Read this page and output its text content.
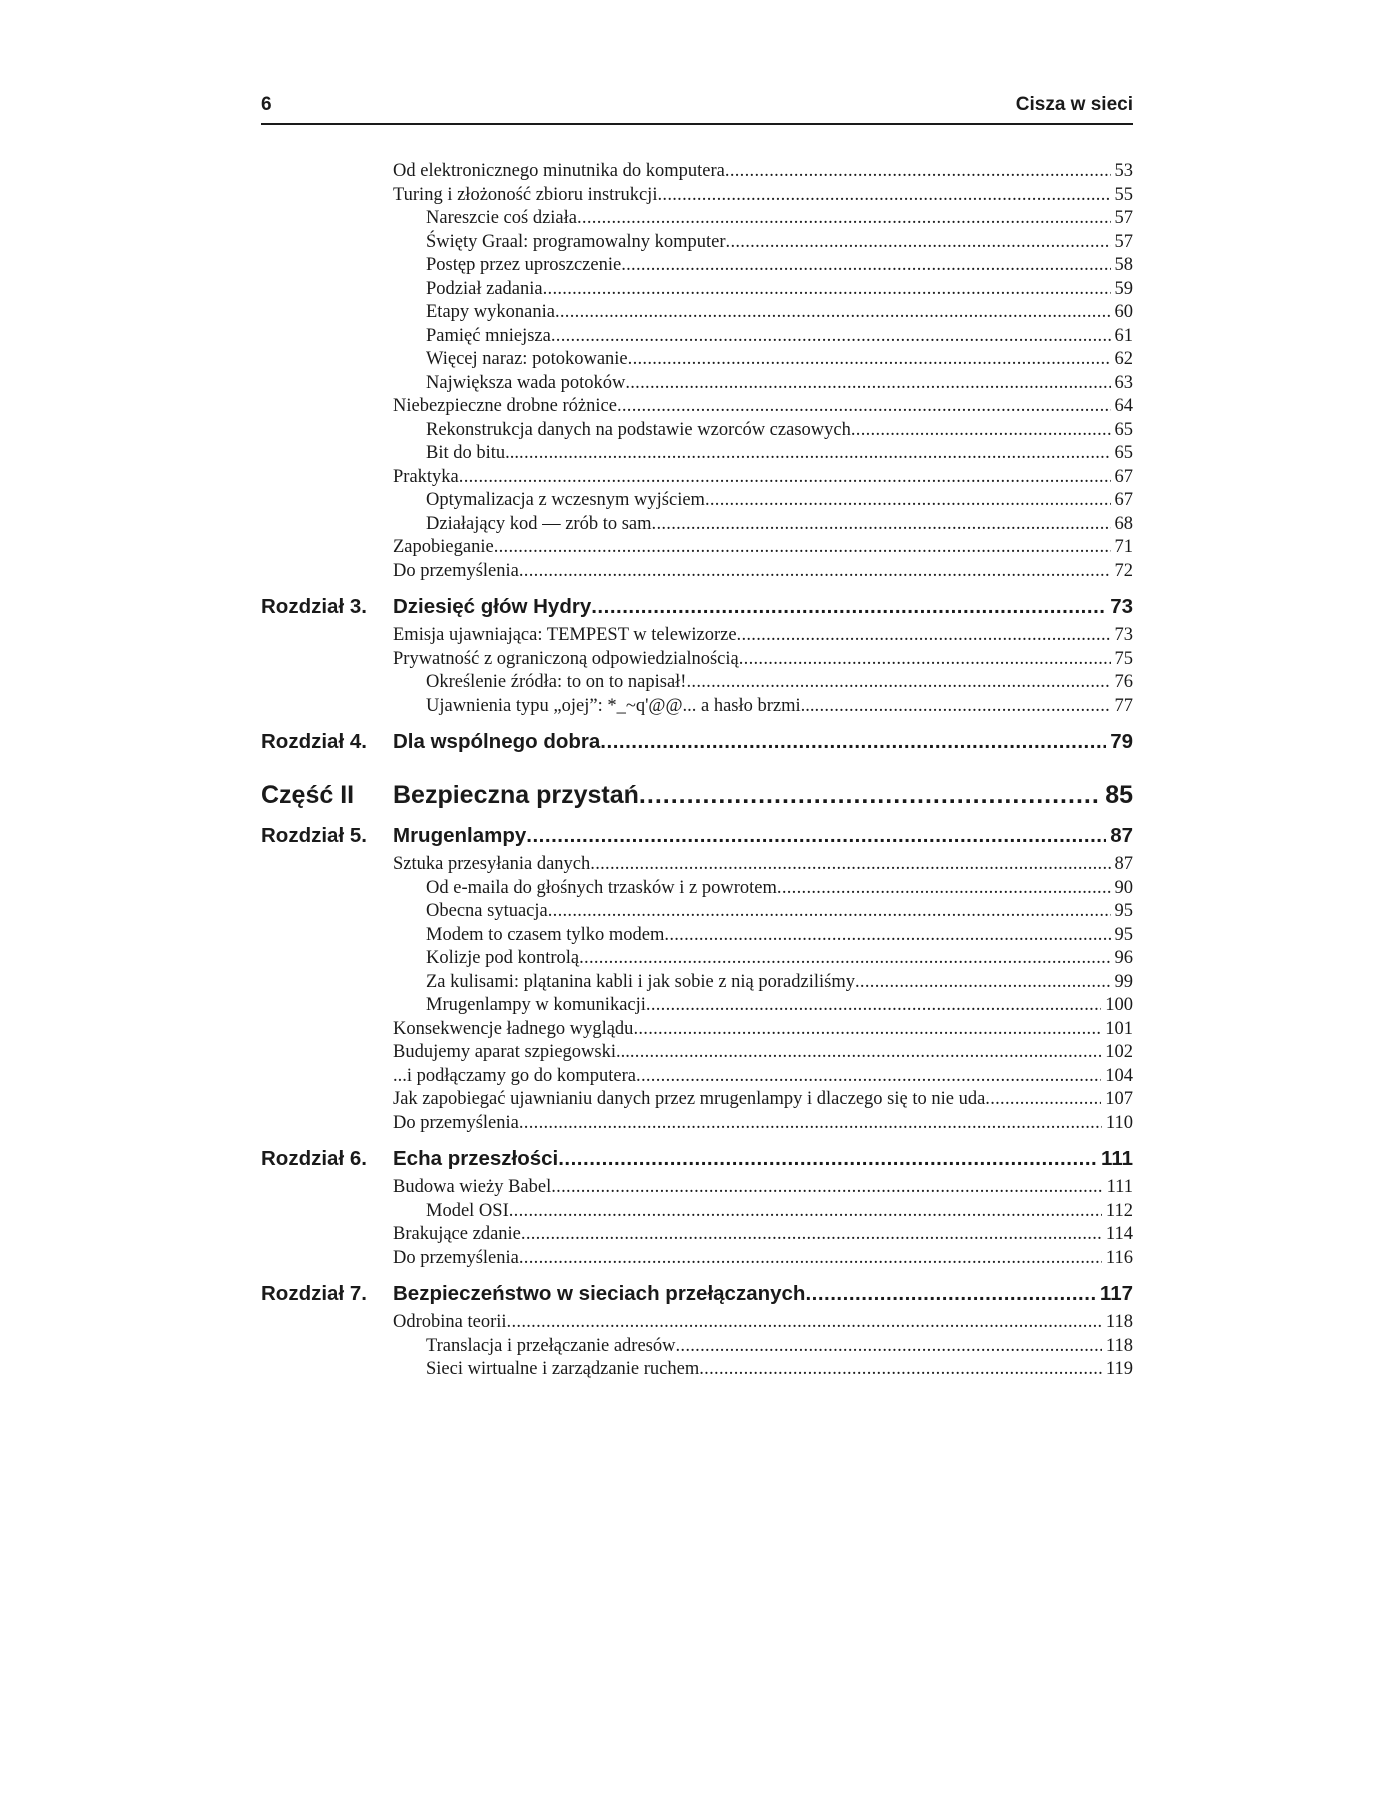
6	Cisza w sieci
Od elektronicznego minutnika do komputera .....	53
Turing i złożoność zbioru instrukcji .....	55
Nareszcie coś działa .....	57
Święty Graal: programowalny komputer .....	57
Postęp przez uproszczenie .....	58
Podział zadania .....	59
Etapy wykonania .....	60
Pamięć mniejsza .....	61
Więcej naraz: potokowanie .....	62
Największa wada potoków .....	63
Niebezpieczne drobne różnice .....	64
Rekonstrukcja danych na podstawie wzorców czasowych .....	65
Bit do bitu... .....	65
Praktyka .....	67
Optymalizacja z wczesnym wyjściem .....	67
Działający kod — zrób to sam .....	68
Zapobieganie .....	71
Do przemyślenia .....	72
Rozdział 3.	Dziesięć głów Hydry .....	73
Emisja ujawniająca: TEMPEST w telewizorze .....	73
Prywatność z ograniczoną odpowiedzialnością .....	75
Określenie źródła: to on to napisał! .....	76
Ujawnienia typu „ojej”: *_~q'@@... a hasło brzmi... .....	77
Rozdział 4.	Dla wspólnego dobra .....	79
Część II	Bezpieczna przystań .....	85
Rozdział 5.	Mrugenlampy .....	87
Sztuka przesyłania danych .....	87
Od e-maila do głośnych trzasków i z powrotem .....	90
Obecna sytuacja .....	95
Modem to czasem tylko modem .....	95
Kolizje pod kontrolą .....	96
Za kulisami: plątanina kabli i jak sobie z nią poradziliśmy .....	99
Mrugenlampy w komunikacji .....	100
Konsekwencje ładnego wyglądu .....	101
Budujemy aparat szpiegowski... .....	102
...i podłączamy go do komputera .....	104
Jak zapobiegać ujawnianiu danych przez mrugenlampy i dlaczego się to nie uda .....	107
Do przemyślenia .....	110
Rozdział 6.	Echa przeszłości .....	111
Budowa wieży Babel .....	111
Model OSI .....	112
Brakujące zdanie .....	114
Do przemyślenia .....	116
Rozdział 7.	Bezpieczeństwo w sieciach przełączanych .....	117
Odrobina teorii .....	118
Translacja i przełączanie adresów .....	118
Sieci wirtualne i zarządzanie ruchem .....	119
